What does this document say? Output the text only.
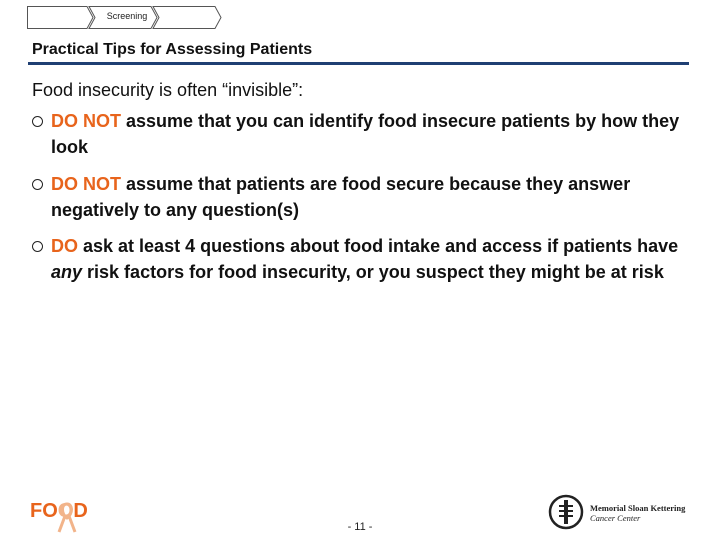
Screening
Practical Tips for Assessing Patients
Food insecurity is often “invisible”:
DO NOT assume that you can identify food insecure patients by how they look
DO NOT assume that patients are food secure because they answer negatively to any question(s)
DO ask at least 4 questions about food intake and access if patients have any risk factors for food insecurity, or you suspect they might be at risk
FOOD
- 11 -
Memorial Sloan Kettering
Cancer Center
